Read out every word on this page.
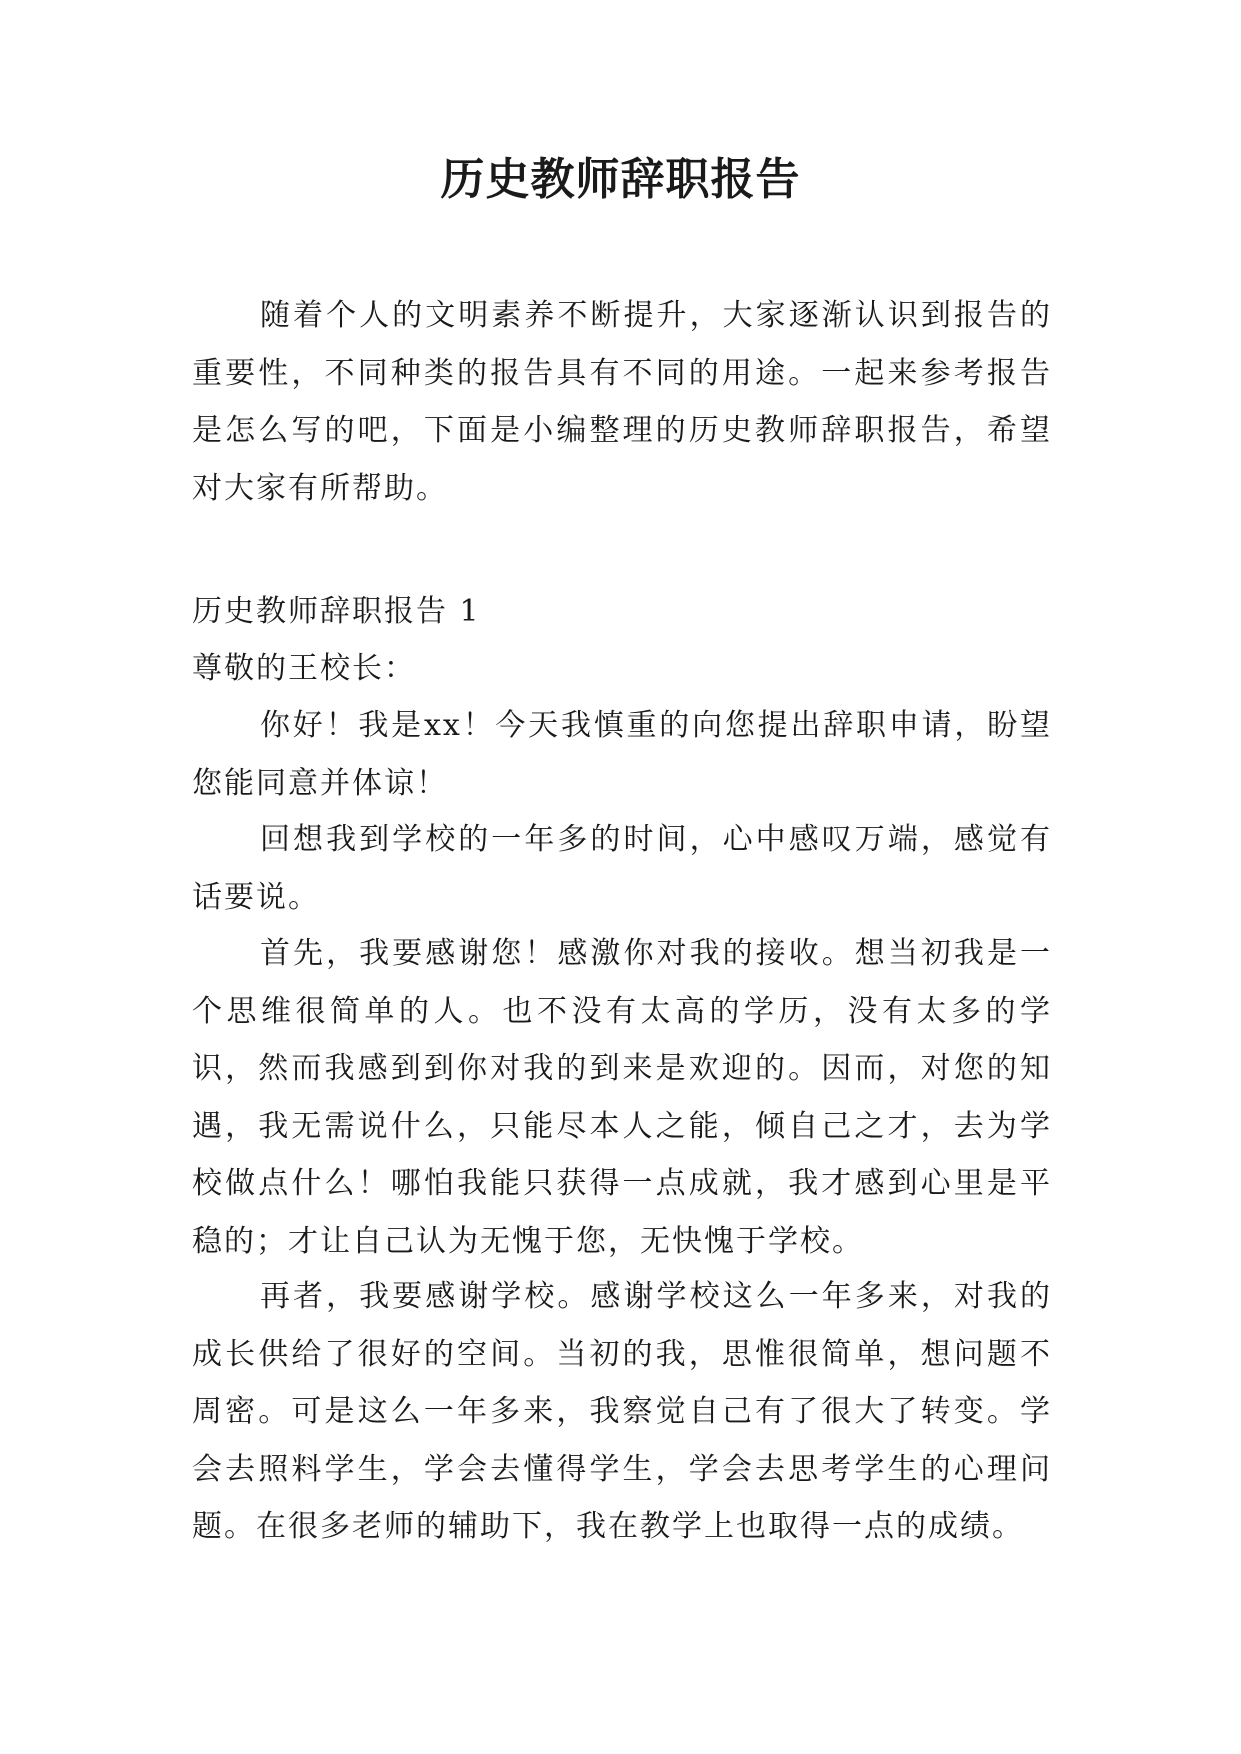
历史教师辞职报告

随着个人的文明素养不断提升，大家逐渐认识到报告的重要性，不同种类的报告具有不同的用途。一起来参考报告是怎么写的吧，下面是小编整理的历史教师辞职报告，希望对大家有所帮助。

历史教师辞职报告 1

尊敬的王校长：

你好！我是xx！今天我慎重的向您提出辞职申请，盼望您能同意并体谅！

回想我到学校的一年多的时间，心中感叹万端，感觉有话要说。

首先，我要感谢您！感激你对我的接收。想当初我是一个思维很简单的人。也不没有太高的学历，没有太多的学识，然而我感到到你对我的到来是欢迎的。因而，对您的知遇，我无需说什么，只能尽本人之能，倾自己之才，去为学校做点什么！哪怕我能只获得一点成就，我才感到心里是平稳的；才让自己认为无愧于您，无快愧于学校。

再者，我要感谢学校。感谢学校这么一年多来，对我的成长供给了很好的空间。当初的我，思惟很简单，想问题不周密。可是这么一年多来，我察觉自己有了很大了转变。学会去照料学生，学会去懂得学生，学会去思考学生的心理问题。在很多老师的辅助下，我在教学上也取得一点的成绩。
